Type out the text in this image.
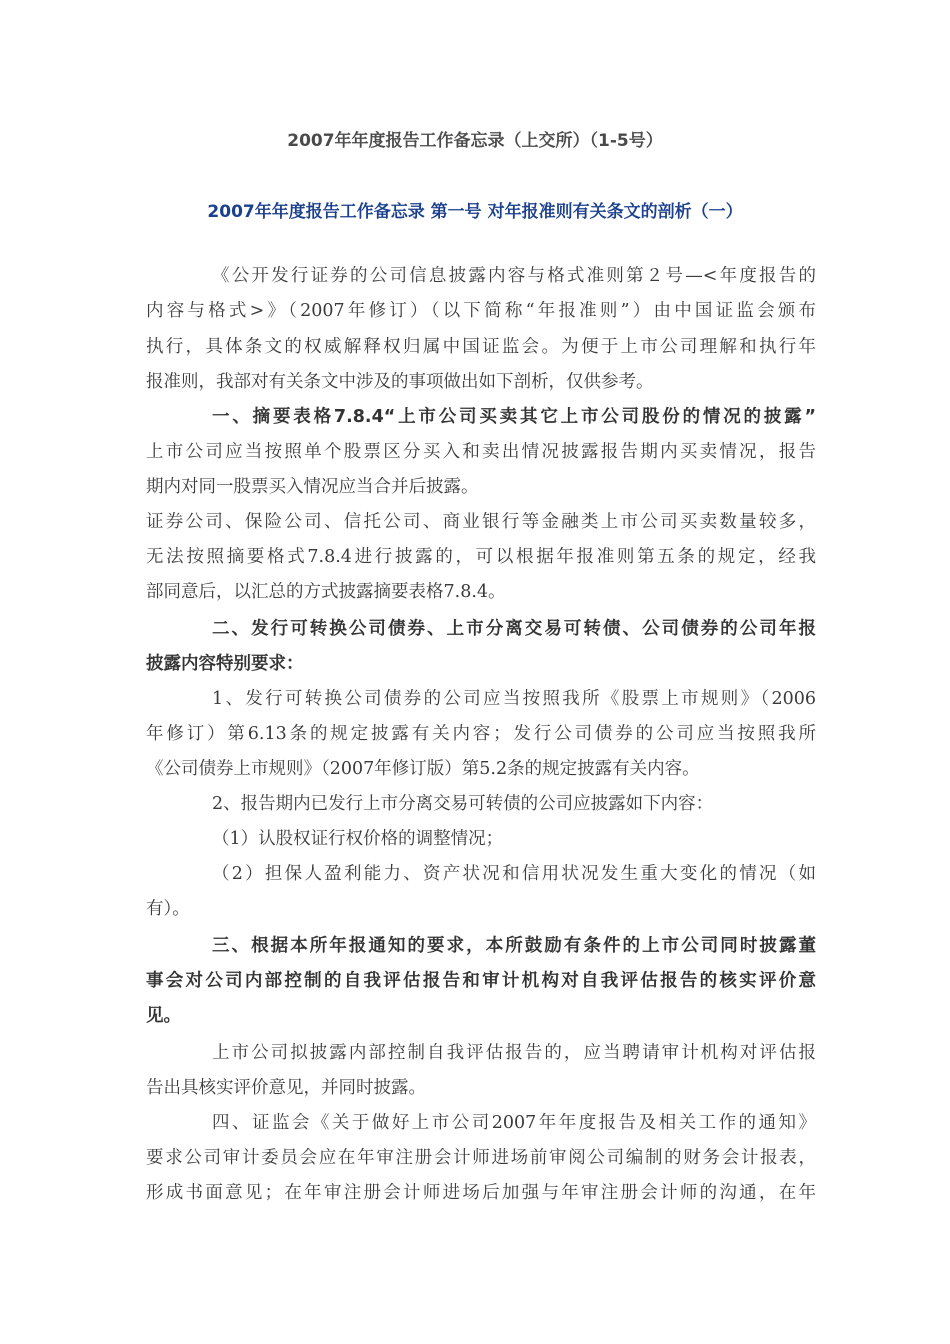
2007年年度报告工作备忘录（上交所）（1-5号）
2007年年度报告工作备忘录 第一号 对年报准则有关条文的剖析（一）
《公开发行证券的公司信息披露内容与格式准则第２号—<年度报告的
内容与格式>》（2007年修订）（以下简称“年报准则”）由中国证监会颁布
执行，具体条文的权威解释权归属中国证监会。为便于上市公司理解和执行年
报准则，我部对有关条文中涉及的事项做出如下剖析，仅供参考。
一、摘要表格7.8.4“上市公司买卖其它上市公司股份的情况的披露”
上市公司应当按照单个股票区分买入和卖出情况披露报告期内买卖情况，报告
期内对同一股票买入情况应当合并后披露。
证券公司、保险公司、信托公司、商业银行等金融类上市公司买卖数量较多，
无法按照摘要格式7.8.4进行披露的，可以根据年报准则第五条的规定，经我
部同意后，以汇总的方式披露摘要表格7.8.4。
二、发行可转换公司债券、上市分离交易可转债、公司债券的公司年报
披露内容特别要求：
1、发行可转换公司债券的公司应当按照我所《股票上市规则》（2006
年修订）第6.13条的规定披露有关内容；发行公司债券的公司应当按照我所
《公司债券上市规则》（2007年修订版）第5.2条的规定披露有关内容。
2、报告期内已发行上市分离交易可转债的公司应披露如下内容：
（1）认股权证行权价格的调整情况；
（2）担保人盈利能力、资产状况和信用状况发生重大变化的情况（如
有）。
三、根据本所年报通知的要求，本所鼓励有条件的上市公司同时披露董
事会对公司内部控制的自我评估报告和审计机构对自我评估报告的核实评价意
见。
上市公司拟披露内部控制自我评估报告的，应当聘请审计机构对评估报
告出具核实评价意见，并同时披露。
四、证监会《关于做好上市公司2007年年度报告及相关工作的通知》
要求公司审计委员会应在年审注册会计师进场前审阅公司编制的财务会计报表，
形成书面意见；在年审注册会计师进场后加强与年审注册会计师的沟通，在年
